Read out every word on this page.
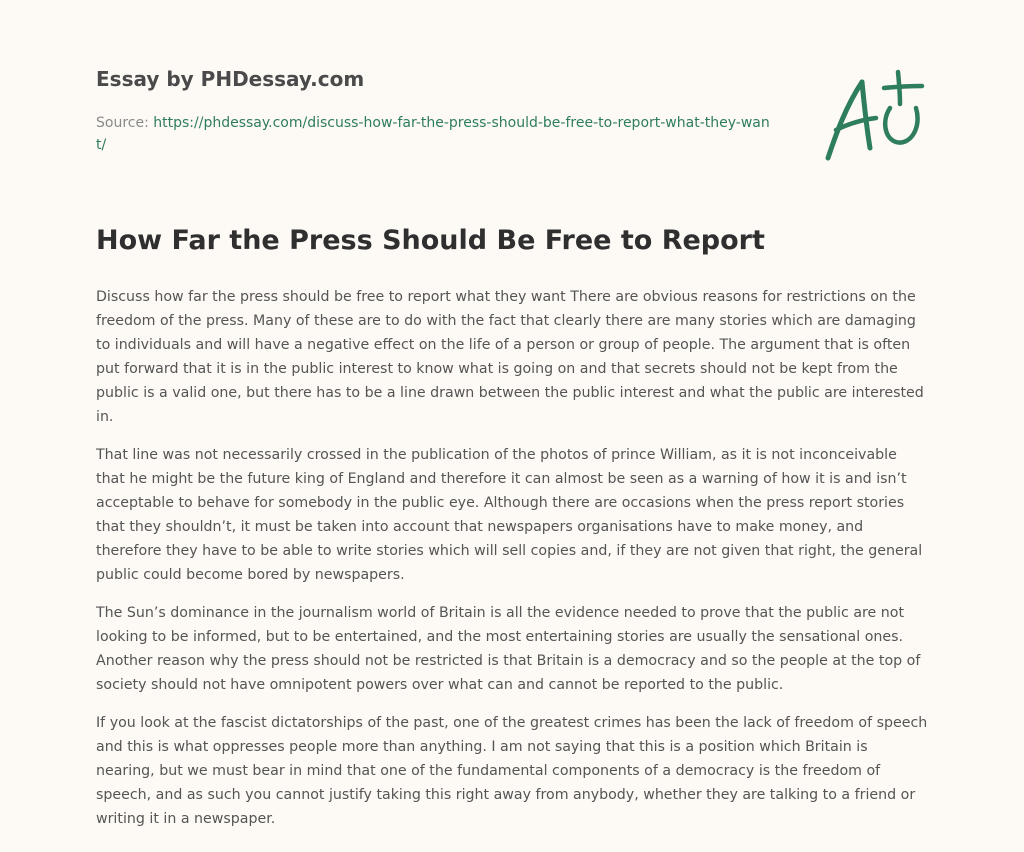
Essay by PHDessay.com
Source: https://phdessay.com/discuss-how-far-the-press-should-be-free-to-report-what-they-want/
How Far the Press Should Be Free to Report

Discuss how far the press should be free to report what they want There are obvious reasons for restrictions on the freedom of the press. Many of these are to do with the fact that clearly there are many stories which are damaging to individuals and will have a negative effect on the life of a person or group of people. The argument that is often put forward that it is in the public interest to know what is going on and that secrets should not be kept from the public is a valid one, but there has to be a line drawn between the public interest and what the public are interested in.

That line was not necessarily crossed in the publication of the photos of prince William, as it is not inconceivable that he might be the future king of England and therefore it can almost be seen as a warning of how it is and isn’t acceptable to behave for somebody in the public eye. Although there are occasions when the press report stories that they shouldn’t, it must be taken into account that newspapers organisations have to make money, and therefore they have to be able to write stories which will sell copies and, if they are not given that right, the general public could become bored by newspapers.

The Sun’s dominance in the journalism world of Britain is all the evidence needed to prove that the public are not looking to be informed, but to be entertained, and the most entertaining stories are usually the sensational ones. Another reason why the press should not be restricted is that Britain is a democracy and so the people at the top of society should not have omnipotent powers over what can and cannot be reported to the public.

If you look at the fascist dictatorships of the past, one of the greatest crimes has been the lack of freedom of speech and this is what oppresses people more than anything. I am not saying that this is a position which Britain is nearing, but we must bear in mind that one of the fundamental components of a democracy is the freedom of speech, and as such you cannot justify taking this right away from anybody, whether they are talking to a friend or writing it in a newspaper.
